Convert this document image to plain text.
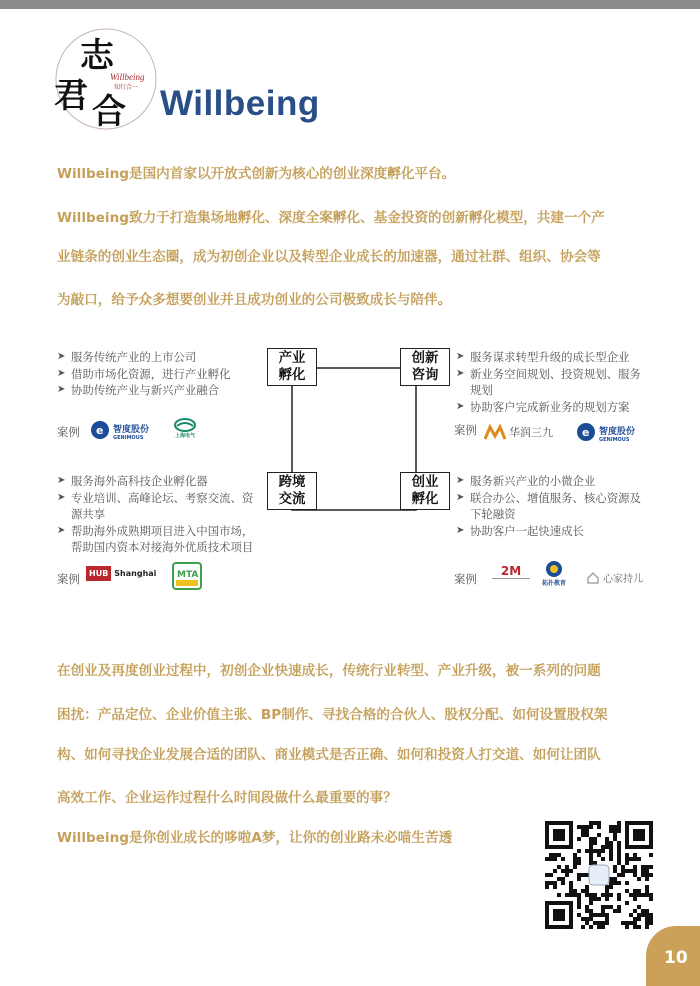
志
君 合
Willbeing
知行合一 Willbeing
Willbeing是国内首家以开放式创新为核心的创业深度孵化平台。
Willbeing致力于打造集场地孵化、深度全案孵化、基金投资的创新孵化模型，共建一个产
业链条的创业生态圈，成为初创企业以及转型企业成长的加速器，通过社群、组织、协会等
为敲口，给予众多想要创业并且成功创业的公司极致成长与陪伴。
产业
孵化
创新
咨询
跨境
交流
创业
孵化
➤ 服务传统产业的上市公司
➤ 借助市场化资源，进行产业孵化
➤ 协助传统产业与新兴产业融合
案例 e 智度股份
GENIMOUS	上海电气
➤ 服务谋求转型升级的成长型企业
➤ 新业务空间规划、投资规划、服务规划
➤ 协助客户完成新业务的规划方案
案例	华润三九	e 智度股份
GENIMOUS
➤ 服务海外高科技企业孵化器
➤ 专业培训、高峰论坛、考察交流、资源共享
➤ 帮助海外成熟期项目进入中国市场，帮助国内资本对接海外优质技术项目
案例	HUB Shanghai MTA
➤ 服务新兴产业的小微企业
➤ 联合办公、增值服务、核心资源及下轮融资
➤ 协助客户一起快速成长
案例
2M
拓扑教育	心家持儿
在创业及再度创业过程中，初创企业快速成长，传统行业转型、产业升级，被一系列的问题
困扰：产品定位、企业价值主张、BP制作、寻找合格的合伙人、股权分配、如何设置股权架
构、如何寻找企业发展合适的团队、商业模式是否正确、如何和投资人打交道、如何让团队
高效工作、企业运作过程什么时间段做什么最重要的事？
Willbeing是你创业成长的哆啦A梦，让你的创业路未必喵生苦透
10
